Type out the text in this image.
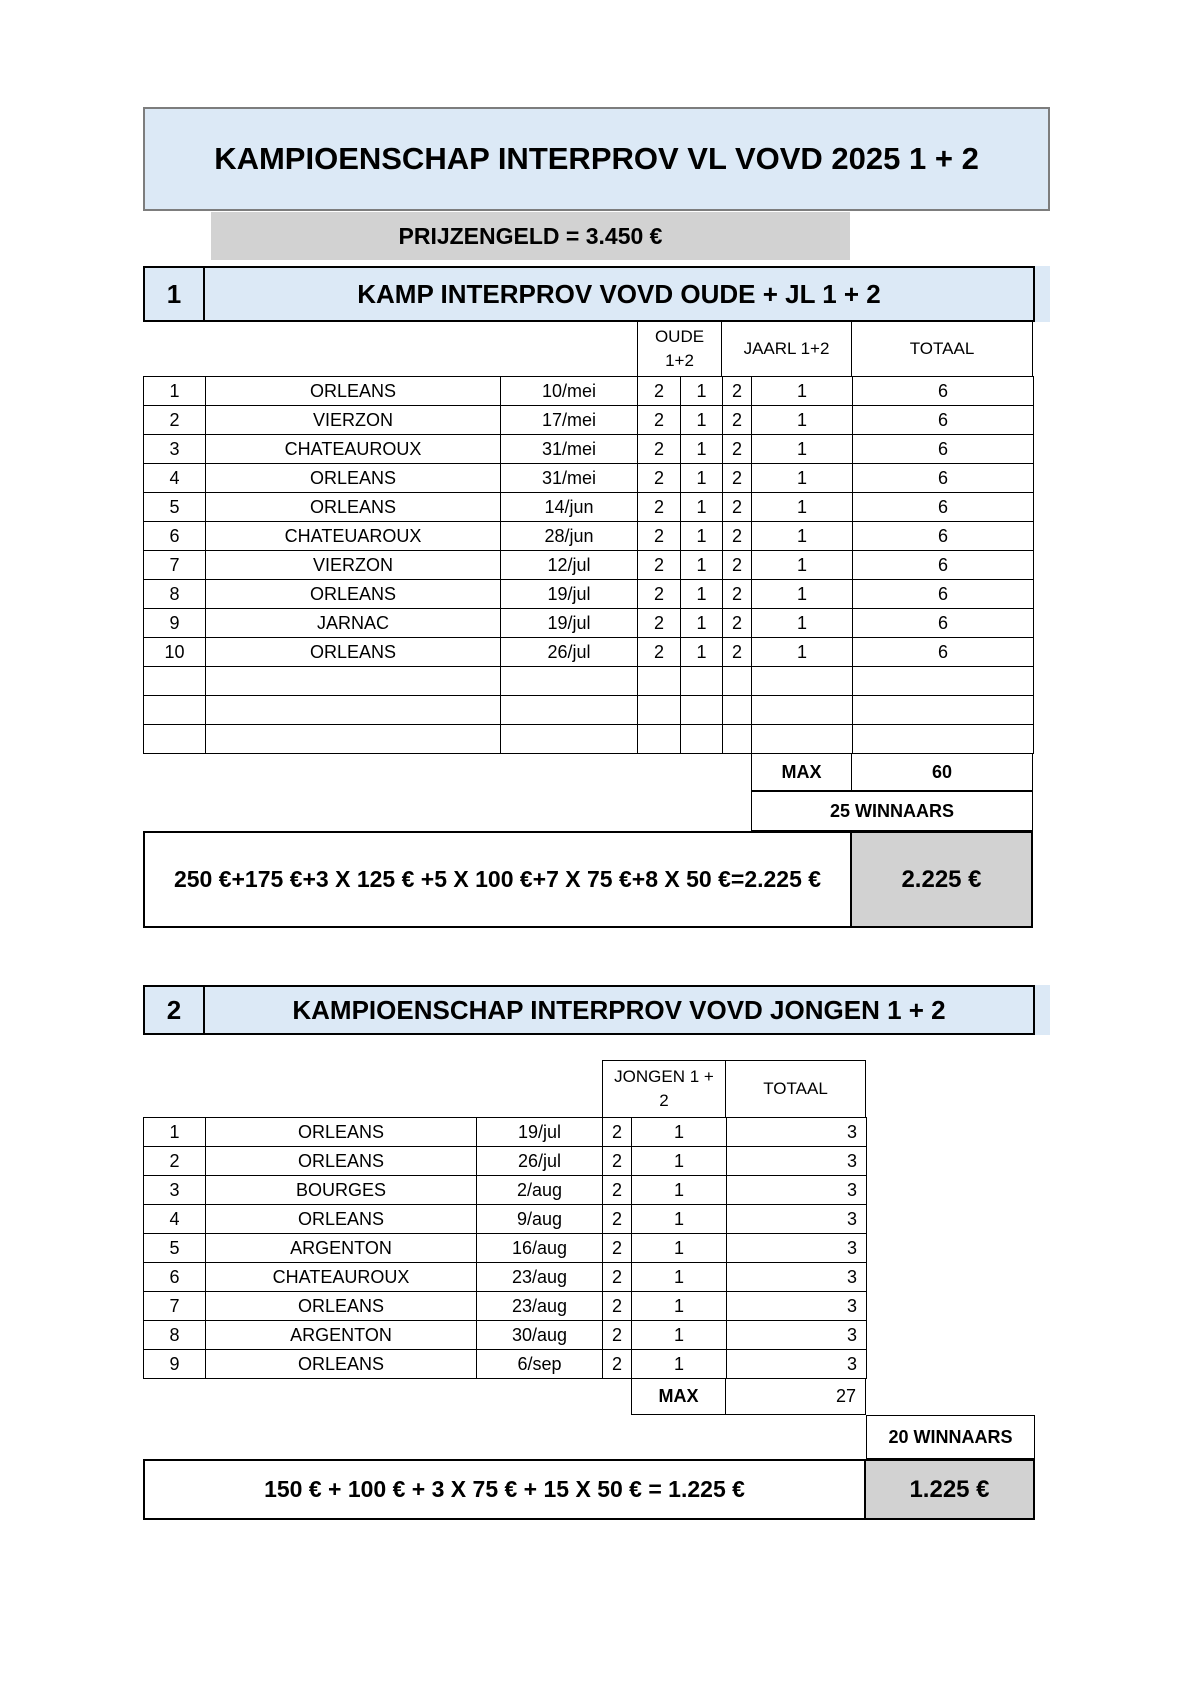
KAMPIOENSCHAP INTERPROV VL VOVD 2025 1 + 2
PRIJZENGELD = 3.450 €
1	KAMP INTERPROV VOVD OUDE + JL 1 + 2
OUDE 1+2
JAARL 1+2	TOTAAL
1	ORLEANS	10/mei	2	1	2	1	6
2	VIERZON	17/mei	2	1	2	1	6
3	CHATEAUROUX	31/mei	2	1	2	1	6
4	ORLEANS	31/mei	2	1	2	1	6
5	ORLEANS	14/jun	2	1	2	1	6
6	CHATEUAROUX	28/jun	2	1	2	1	6
7	VIERZON	12/jul	2	1	2	1	6
8	ORLEANS	19/jul	2	1	2	1	6
9	JARNAC	19/jul	2	1	2	1	6
10	ORLEANS	26/jul	2	1	2	1	6
MAX	60
25 WINNAARS
250 €+175 €+3 X 125 € +5 X 100 €+7 X 75 €+8 X 50 €=2.225 €	2.225 €
2	KAMPIOENSCHAP INTERPROV VOVD JONGEN 1 + 2
JONGEN 1 + 2
TOTAAL
1	ORLEANS	19/jul	2	1	3
2	ORLEANS	26/jul	2	1	3
3	BOURGES	2/aug	2	1	3
4	ORLEANS	9/aug	2	1	3
5	ARGENTON	16/aug	2	1	3
6	CHATEAUROUX	23/aug	2	1	3
7	ORLEANS	23/aug	2	1	3
8	ARGENTON	30/aug	2	1	3
9	ORLEANS	6/sep	2	1	3
MAX	27
20 WINNAARS
150 € + 100 € + 3 X 75 € + 15 X 50 € = 1.225 €	1.225 €
